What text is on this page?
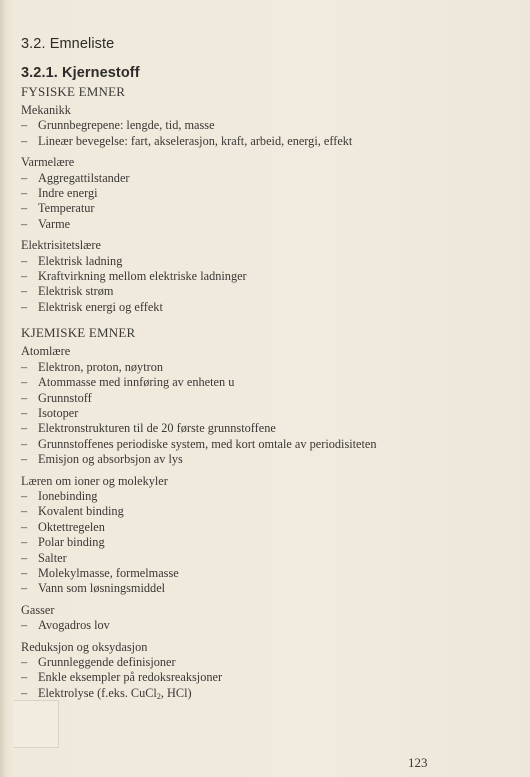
3.2. Emneliste
3.2.1. Kjernestoff
FYSISKE EMNER
Mekanikk
– Grunnbegrepene: lengde, tid, masse
– Lineær bevegelse: fart, akselerasjon, kraft, arbeid, energi, effekt
Varmelære
– Aggregattilstander
– Indre energi
– Temperatur
– Varme
Elektrisitetslære
– Elektrisk ladning
– Kraftvirkning mellom elektriske ladninger
– Elektrisk strøm
– Elektrisk energi og effekt
KJEMISKE EMNER
Atomlære
– Elektron, proton, nøytron
– Atommasse med innføring av enheten u
– Grunnstoff
– Isotoper
– Elektronstrukturen til de 20 første grunnstoffene
– Grunnstoffenes periodiske system, med kort omtale av periodisiteten
– Emisjon og absorbsjon av lys
Læren om ioner og molekyler
– Ionebinding
– Kovalent binding
– Oktettregelen
– Polar binding
– Salter
– Molekylmasse, formelmasse
– Vann som løsningsmiddel
Gasser
– Avogadros lov
Reduksjon og oksydasjon
– Grunnleggende definisjoner
– Enkle eksempler på redoksreaksjoner
– Elektrolyse (f.eks. CuCl$_2$, HCl)
123
